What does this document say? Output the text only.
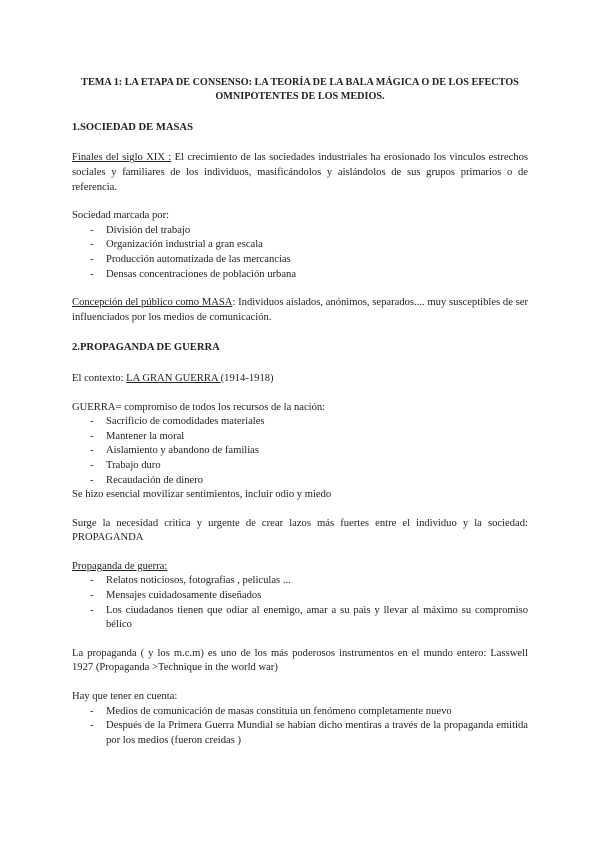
TEMA 1: LA ETAPA DE CONSENSO: LA TEORÍA DE LA BALA MÁGICA O DE LOS EFECTOS
OMNIPOTENTES DE LOS MEDIOS.

1.SOCIEDAD DE MASAS

Finales del siglo XIX : El crecimiento de las sociedades industriales ha erosionado los vinculos estrechos sociales y familiares de los individuos, masificándolos y aislándolos de sus grupos primarios o de referencia.

Sociedad marcada por:

- División del trabajo
- Organización industrial a gran escala
- Producción automatizada de las mercancias
- Densas concentraciones de población urbana

Concepción del público como MASA: Individuos aislados, anónimos, separados.... muy susceptibles de ser influenciados por los medios de comunicación.

2.PROPAGANDA DE GUERRA

El contexto: LA GRAN GUERRA (1914-1918)

GUERRA= compromiso de todos los recursos de la nación:

- Sacrificio de comodidades materiales
- Mantener la moral
- Aislamiento y abandono de familias
- Trabajo duro
- Recaudación de dinero

Se hizo esencial movilizar sentimientos, incluir odio y miedo

Surge la necesidad critica y urgente de crear lazos más fuertes entre el individuo y la sociedad: PROPAGANDA

Propaganda de guerra:

- Relatos noticiosos, fotografias , peliculas ...
- Mensajes cuidadosamente diseñados
- Los ciudadanos tienen que odiar al enemigo, amar a su pais y llevar al máximo su compromiso bélico

La propaganda ( y los m.c.m) es uno de los más poderosos instrumentos en el mundo entero: Lasswell 1927 (Propaganda >Technique in the world war)

Hay que tener en cuenta:

- Medios de comunicación de masas constituia un fenómeno completamente nuevo
- Después de la Primera Guerra Mundial se habian dicho mentiras a través de la propaganda emitida por los medios (fueron creidas )
